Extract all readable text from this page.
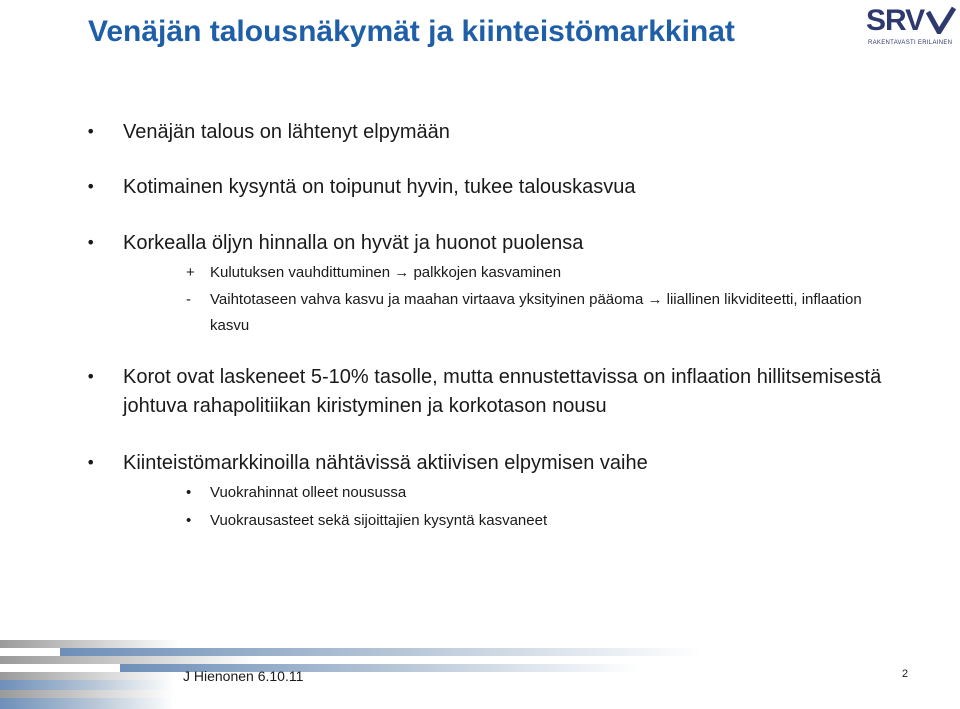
Venäjän talousnäkymät ja kiinteistömarkkinat	SRV
RAKENTAVASTI ERILAINEN
• Venäjän talous on lähtenyt elpymään
• Kotimainen kysyntä on toipunut hyvin, tukee talouskasvua
• Korkealla öljyn hinnalla on hyvät ja huonot puolensa
+ Kulutuksen vauhdittuminen → palkkojen kasvaminen
- Vaihtotaseen vahva kasvu ja maahan virtaava yksityinen pääoma → liiallinen likviditeetti, inflaation kasvu
• Korot ovat laskeneet 5-10% tasolle, mutta ennustettavissa on inflaation hillitsemisestä johtuva rahapolitiikan kiristyminen ja korkotason nousu
• Kiinteistömarkkinoilla nähtävissä aktiivisen elpymisen vaihe
• Vuokrahinnat olleet nousussa
• Vuokrausasteet sekä sijoittajien kysyntä kasvaneet
J Hienonen 6.10.11	2
